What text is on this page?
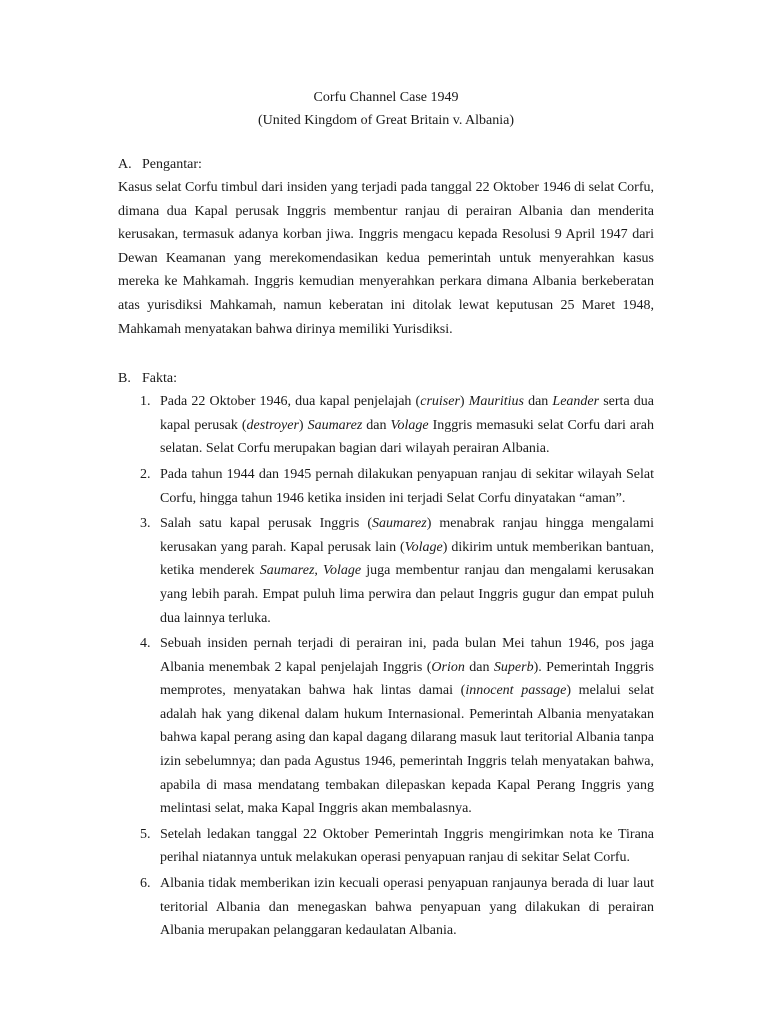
Corfu Channel Case 1949
(United Kingdom of Great Britain v. Albania)
A. Pengantar:

Kasus selat Corfu timbul dari insiden yang terjadi pada tanggal 22 Oktober 1946 di selat Corfu, dimana dua Kapal perusak Inggris membentur ranjau di perairan Albania dan menderita kerusakan, termasuk adanya korban jiwa. Inggris mengacu kepada Resolusi 9 April 1947 dari Dewan Keamanan yang merekomendasikan kedua pemerintah untuk menyerahkan kasus mereka ke Mahkamah. Inggris kemudian menyerahkan perkara dimana Albania berkeberatan atas yurisdiksi Mahkamah, namun keberatan ini ditolak lewat keputusan 25 Maret 1948, Mahkamah menyatakan bahwa dirinya memiliki Yurisdiksi.

B. Fakta:
1. Pada 22 Oktober 1946, dua kapal penjelajah (cruiser) Mauritius dan Leander serta dua kapal perusak (destroyer) Saumarez dan Volage Inggris memasuki selat Corfu dari arah selatan. Selat Corfu merupakan bagian dari wilayah perairan Albania.
2. Pada tahun 1944 dan 1945 pernah dilakukan penyapuan ranjau di sekitar wilayah Selat Corfu, hingga tahun 1946 ketika insiden ini terjadi Selat Corfu dinyatakan “aman”.
3. Salah satu kapal perusak Inggris (Saumarez) menabrak ranjau hingga mengalami kerusakan yang parah. Kapal perusak lain (Volage) dikirim untuk memberikan bantuan, ketika menderek Saumarez, Volage juga membentur ranjau dan mengalami kerusakan yang lebih parah. Empat puluh lima perwira dan pelaut Inggris gugur dan empat puluh dua lainnya terluka.
4. Sebuah insiden pernah terjadi di perairan ini, pada bulan Mei tahun 1946, pos jaga Albania menembak 2 kapal penjelajah Inggris (Orion dan Superb). Pemerintah Inggris memprotes, menyatakan bahwa hak lintas damai (innocent passage) melalui selat adalah hak yang dikenal dalam hukum Internasional. Pemerintah Albania menyatakan bahwa kapal perang asing dan kapal dagang dilarang masuk laut teritorial Albania tanpa izin sebelumnya; dan pada Agustus 1946, pemerintah Inggris telah menyatakan bahwa, apabila di masa mendatang tembakan dilepaskan kepada Kapal Perang Inggris yang melintasi selat, maka Kapal Inggris akan membalasnya.
5. Setelah ledakan tanggal 22 Oktober Pemerintah Inggris mengirimkan nota ke Tirana perihal niatannya untuk melakukan operasi penyapuan ranjau di sekitar Selat Corfu.
6. Albania tidak memberikan izin kecuali operasi penyapuan ranjaunya berada di luar laut teritorial Albania dan menegaskan bahwa penyapuan yang dilakukan di perairan Albania merupakan pelanggaran kedaulatan Albania.
